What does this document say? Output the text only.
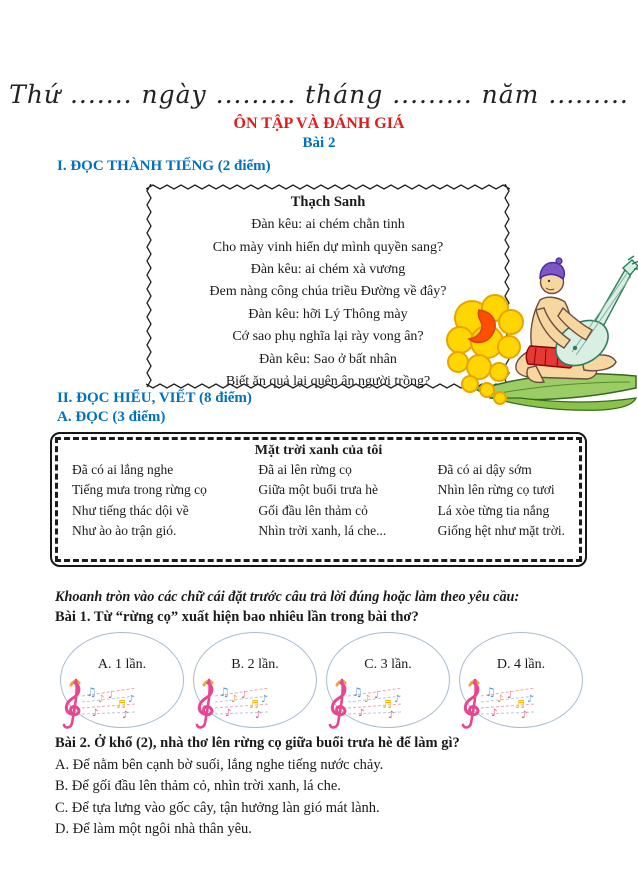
Thứ ....... ngày ......... tháng ......... năm .........
ÔN TẬP VÀ ĐÁNH GIÁ
Bài 2
I. ĐỌC THÀNH TIẾNG (2 điểm)
Thạch Sanh
Đàn kêu: ai chém chằn tinh
Cho mày vinh hiển dự mình quyền sang?
Đàn kêu: ai chém xà vương
Đem nàng công chúa triều Đường về đây?
Đàn kêu: hỡi Lý Thông mày
Cớ sao phụ nghĩa lại rày vong ân?
Đàn kêu: Sao ở bất nhân
Biết ăn quả lại quên ân người trồng?
II. ĐỌC HIỂU, VIẾT (8 điểm)
A. ĐỌC (3 điểm)
Mặt trời xanh của tôi
Đã có ai lắng nghe
Tiếng mưa trong rừng cọ
Như tiếng thác dội về
Như ào ào trận gió.
Đã ai lên rừng cọ
Giữa một buổi trưa hè
Gối đầu lên thảm cỏ
Nhìn trời xanh, lá che...
Đã có ai dậy sớm
Nhìn lên rừng cọ tươi
Lá xòe từng tia nắng
Giống hệt như mặt trời.
Khoanh tròn vào các chữ cái đặt trước câu trả lời đúng hoặc làm theo yêu cầu:
Bài 1. Từ “rừng cọ” xuất hiện bao nhiêu lần trong bài thơ?
A. 1 lần.
♫
♪ ♩
♬ ♪
♪ ♪
B. 2 lần.
♫
♪ ♩
♬ ♪
♪ ♪
C. 3 lần.
♫
♪ ♩
♬ ♪
♪ ♪
D. 4 lần.
♫
♪ ♩
♬ ♪
♪ ♪
Bài 2. Ở khổ (2), nhà thơ lên rừng cọ giữa buổi trưa hè để làm gì?
A. Để nằm bên cạnh bờ suối, lắng nghe tiếng nước chảy.
B. Để gối đầu lên thảm cỏ, nhìn trời xanh, lá che.
C. Để tựa lưng vào gốc cây, tận hưởng làn gió mát lành.
D. Để làm một ngôi nhà thân yêu.
